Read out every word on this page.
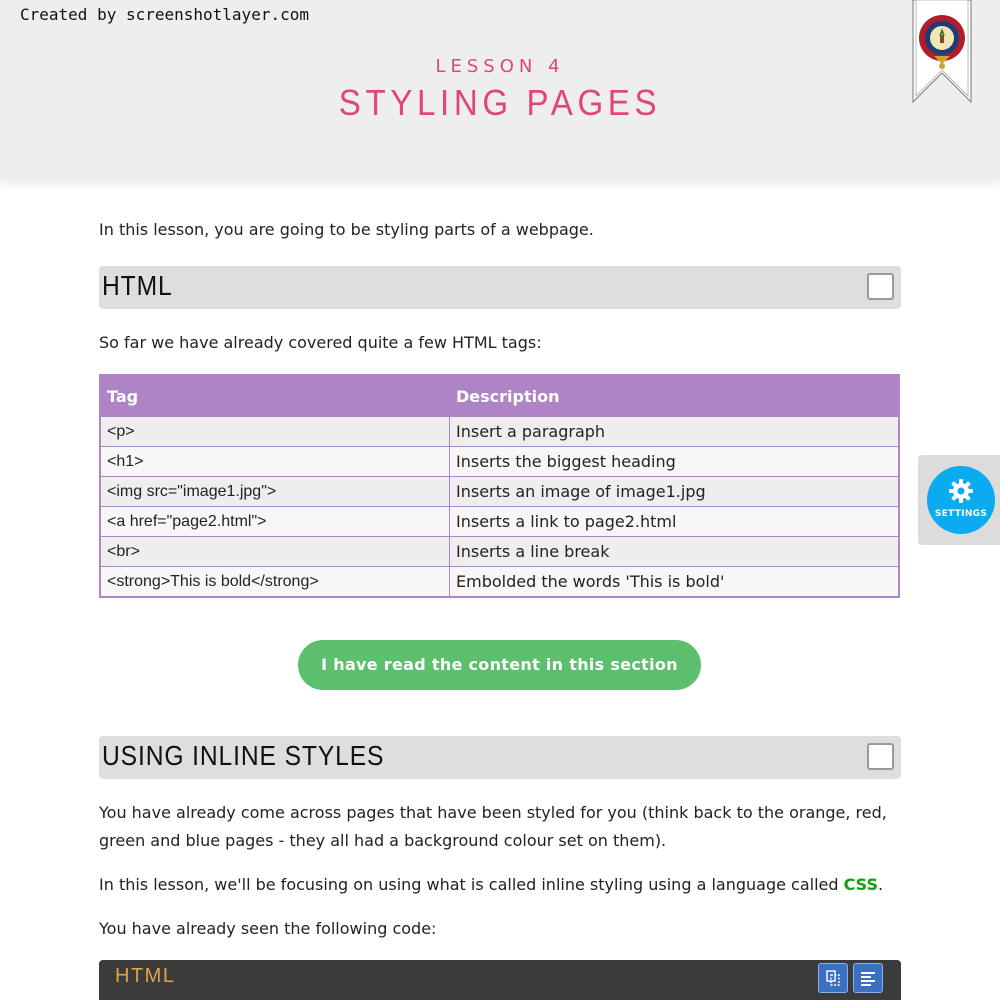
Created by screenshotlayer.com
LESSON 4
STYLING PAGES
In this lesson, you are going to be styling parts of a webpage.
HTML
So far we have already covered quite a few HTML tags:
Tag	Description
<p>	Insert a paragraph
<h1>	Inserts the biggest heading
<img src="image1.jpg">	Inserts an image of image1.jpg
<a href="page2.html">	Inserts a link to page2.html
<br>	Inserts a line break
<strong>This is bold</strong>	Embolded the words 'This is bold'
I have read the content in this section
USING INLINE STYLES
You have already come across pages that have been styled for you (think back to the orange, red, green and blue pages - they all had a background colour set on them).
In this lesson, we'll be focusing on using what is called inline styling using a language called CSS.
You have already seen the following code:
HTML
SETTINGS
